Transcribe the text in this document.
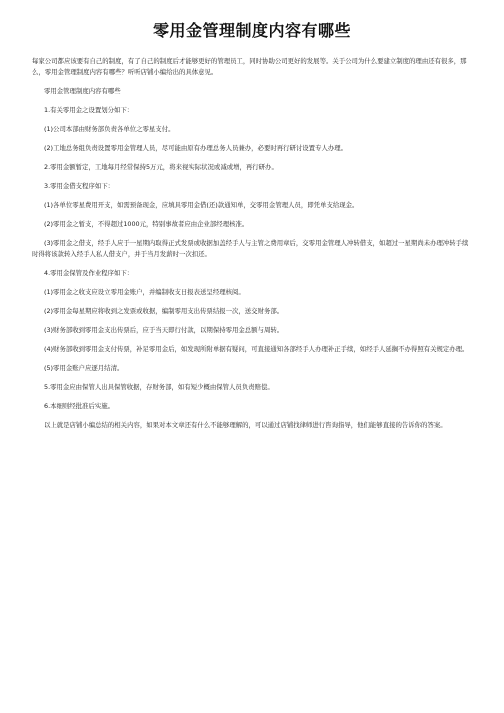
零用金管理制度内容有哪些
每家公司都应该要有自己的制度，有了自己的制度后才能够更好的管理员工，同时协助公司更好的发展等。关于公司为什么要建立制度的理由还有很多，那么，零用金管理制度内容有哪些？听听店铺小编给出的具体意见。
零用金管理制度内容有哪些
1.有关零用金之设置划分如下：
(1)公司本部由财务部负责各单位之零星支付。
(2)工地总务组负责设置零用金管理人员，尽可能由原有办理总务人员兼办，必要时再行研讨设置专人办理。
2.零用金额暂定，工地每月经常保持5万元，将来视实际状况或减或增，再行研办。
3.零用金借支程序如下：
(1)各单位零星费用开支，如需预备现金，应填具零用金借(还)款通知单，交零用金管理人员，即凭单支给现金。
(2)零用金之暂支，不得超过1000元，特别事故者应由企业部经理核准。
(3)零用金之借支，经手人应于一星期内取得正式发票或收据加盖经手人与主管之费用章后，交零用金管理人冲转借支，如超过一星期尚未办理冲转手续时得将该款转入经手人私人借支户，并于当月发薪时一次扣还。
4.零用金保管及作业程序如下：
(1)零用金之收支应设立零用金账户，并编制收支日报表送呈经理核阅。
(2)零用金每星期应将收到之发票或收据，编制零用支出传票结报一次，送交财务部。
(3)财务部收到零用金支出传票后，应于当天即行付款，以期保持零用金总额与周转。
(4)财务部收到零用金支付传票，补足零用金后，如发现所附单据有疑问，可直接通知各部经手人办理补正手续，如经手人延搁不办得照有关规定办理。
(5)零用金账户应逐月结清。
5.零用金应由保管人出具保管收据，存财务部，如有短少概由保管人员负责赔偿。
6.本细则经批准后实施。
以上就是店铺小编总结的相关内容，如果对本文章还有什么不能够理解的，可以通过店铺找律师进行咨询指导，他们能够直接的告诉你的答案。
